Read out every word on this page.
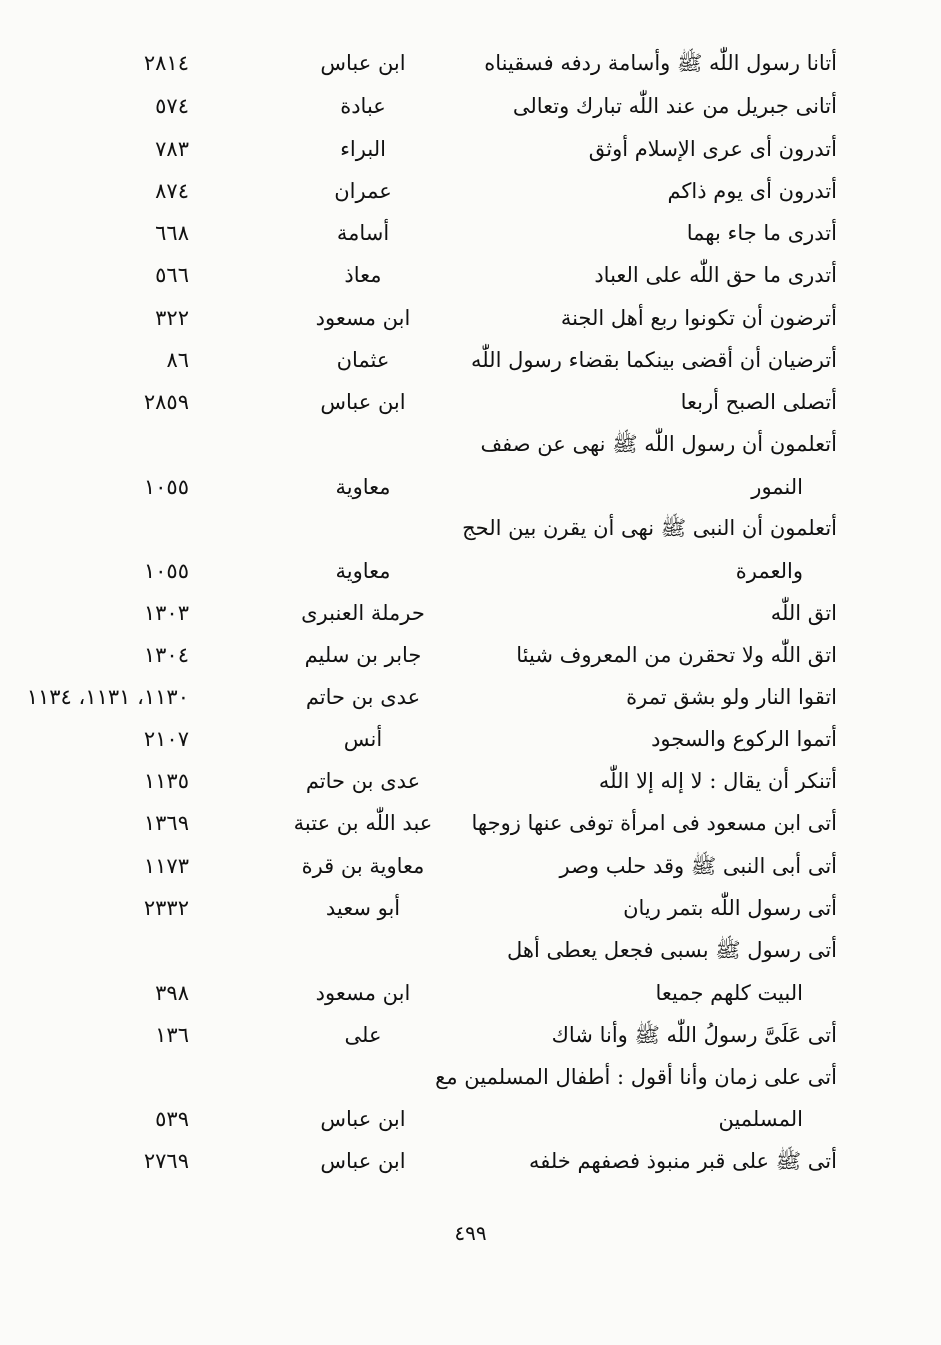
أتانا رسول اللّٰه ﷺ وأسامة ردفه فسقيناه
ابن عباس
٢٨١٤
أتانى جبريل من عند اللّٰه تبارك وتعالى
عبادة
٥٧٤
أتدرون أى عرى الإسلام أوثق
البراء
٧٨٣
أتدرون أى يوم ذاكم
عمران
٨٧٤
أتدرى ما جاء بهما
أسامة
٦٦٨
أتدرى ما حق اللّٰه على العباد
معاذ
٥٦٦
أترضون أن تكونوا ربع أهل الجنة
ابن مسعود
٣٢٢
أترضيان أن أقضى بينكما بقضاء رسول اللّٰه
عثمان
٨٦
أتصلى الصبح أربعا
ابن عباس
٢٨٥٩
أتعلمون أن رسول اللّٰه ﷺ نهى عن صفف
النمور
معاوية
١٠٥٥
أتعلمون أن النبى ﷺ نهى أن يقرن بين الحج
والعمرة
معاوية
١٠٥٥
اتق اللّٰه
حرملة العنبرى
١٣٠٣
اتق اللّٰه ولا تحقرن من المعروف شيئا
جابر بن سليم
١٣٠٤
اتقوا النار ولو بشق تمرة
عدى بن حاتم
١١٣٠، ١١٣١، ١١٣٤
أتموا الركوع والسجود
أنس
٢١٠٧
أتنكر أن يقال : لا إله إلا اللّٰه
عدى بن حاتم
١١٣٥
أتى ابن مسعود فى امرأة توفى عنها زوجها
عبد اللّٰه بن عتبة
١٣٦٩
أتى أبى النبى ﷺ وقد حلب وصر
معاوية بن قرة
١١٧٣
أتى رسول اللّٰه بتمر ريان
أبو سعيد
٢٣٣٢
أتى رسول ﷺ بسبى فجعل يعطى أهل
البيت كلهم جميعا
ابن مسعود
٣٩٨
أتى عَلَىَّ رسولُ اللّٰه ﷺ وأنا شاك
على
١٣٦
أتى على زمان وأنا أقول : أطفال المسلمين مع
المسلمين
ابن عباس
٥٣٩
أتى ﷺ على قبر منبوذ فصفهم خلفه
ابن عباس
٢٧٦٩
٤٩٩
